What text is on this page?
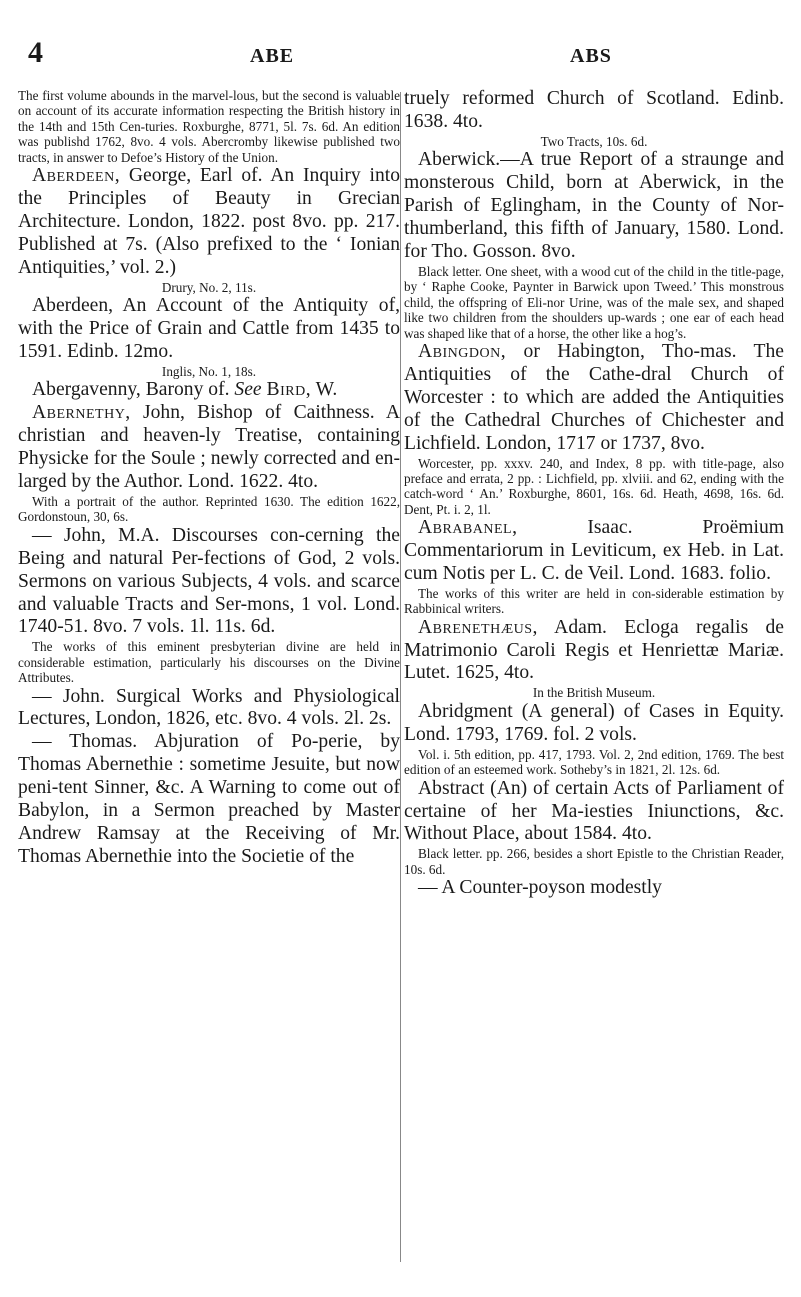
4	ABE	ABS

The first volume abounds in the marvel-lous, but the second is valuable on account of its accurate information respecting the British history in the 14th and 15th Cen-turies. Roxburghe, 8771, 5l. 7s. 6d. An edition was publishd 1762, 8vo. 4 vols. Abercromby likewise published two tracts, in answer to Defoe’s History of the Union.

Aberdeen, George, Earl of. An Inquiry into the Principles of Beauty in Grecian Architecture. London, 1822. post 8vo. pp. 217. Published at 7s. (Also prefixed to the ‘ Ionian Antiquities,’ vol. 2.)

Drury, No. 2, 11s.

Aberdeen, An Account of the Antiquity of, with the Price of Grain and Cattle from 1435 to 1591. Edinb. 12mo.

Inglis, No. 1, 18s.

Abergavenny, Barony of. See Bird, W.

Abernethy, John, Bishop of Caithness. A christian and heaven-ly Treatise, containing Physicke for the Soule ; newly corrected and en-larged by the Author. Lond. 1622. 4to.

With a portrait of the author. Reprinted 1630. The edition 1622, Gordonstoun, 30, 6s.

— John, M.A. Discourses con-cerning the Being and natural Per-fections of God, 2 vols. Sermons on various Subjects, 4 vols. and scarce and valuable Tracts and Ser-mons, 1 vol. Lond. 1740-51. 8vo. 7 vols. 1l. 11s. 6d.

The works of this eminent presbyterian divine are held in considerable estimation, particularly his discourses on the Divine Attributes.

— John. Surgical Works and Physiological Lectures, London, 1826, etc. 8vo. 4 vols. 2l. 2s.

— Thomas. Abjuration of Po-perie, by Thomas Abernethie : sometime Jesuite, but now peni-tent Sinner, &c. A Warning to come out of Babylon, in a Sermon preached by Master Andrew Ramsay at the Receiving of Mr. Thomas Abernethie into the Societie of the

truely reformed Church of Scotland. Edinb. 1638. 4to.

Two Tracts, 10s. 6d.

Aberwick.—A true Report of a straunge and monsterous Child, born at Aberwick, in the Parish of Eglingham, in the County of Nor-thumberland, this fifth of January, 1580. Lond. for Tho. Gosson. 8vo.

Black letter. One sheet, with a wood cut of the child in the title-page, by ‘ Raphe Cooke, Paynter in Barwick upon Tweed.’ This monstrous child, the offspring of Eli-nor Urine, was of the male sex, and shaped like two children from the shoulders up-wards ; one ear of each head was shaped like that of a horse, the other like a hog’s.

Abingdon, or Habington, Tho-mas. The Antiquities of the Cathe-dral Church of Worcester : to which are added the Antiquities of the Cathedral Churches of Chichester and Lichfield. London, 1717 or 1737, 8vo.

Worcester, pp. xxxv. 240, and Index, 8 pp. with title-page, also preface and errata, 2 pp. : Lichfield, pp. xlviii. and 62, ending with the catch-word ‘ An.’ Roxburghe, 8601, 16s. 6d. Heath, 4698, 16s. 6d. Dent, Pt. i. 2, 1l.

Abrabanel, Isaac. Proëmium Commentariorum in Leviticum, ex Heb. in Lat. cum Notis per L. C. de Veil. Lond. 1683. folio.

The works of this writer are held in con-siderable estimation by Rabbinical writers.

Abrenethæus, Adam. Ecloga regalis de Matrimonio Caroli Regis et Henriettæ Mariæ. Lutet. 1625, 4to.

In the British Museum.

Abridgment (A general) of Cases in Equity. Lond. 1793, 1769. fol. 2 vols.

Vol. i. 5th edition, pp. 417, 1793. Vol. 2, 2nd edition, 1769. The best edition of an esteemed work. Sotheby’s in 1821, 2l. 12s. 6d.

Abstract (An) of certain Acts of Parliament of certaine of her Ma-iesties Iniunctions, &c. Without Place, about 1584. 4to.

Black letter. pp. 266, besides a short Epistle to the Christian Reader, 10s. 6d.

— A Counter-poyson modestly
